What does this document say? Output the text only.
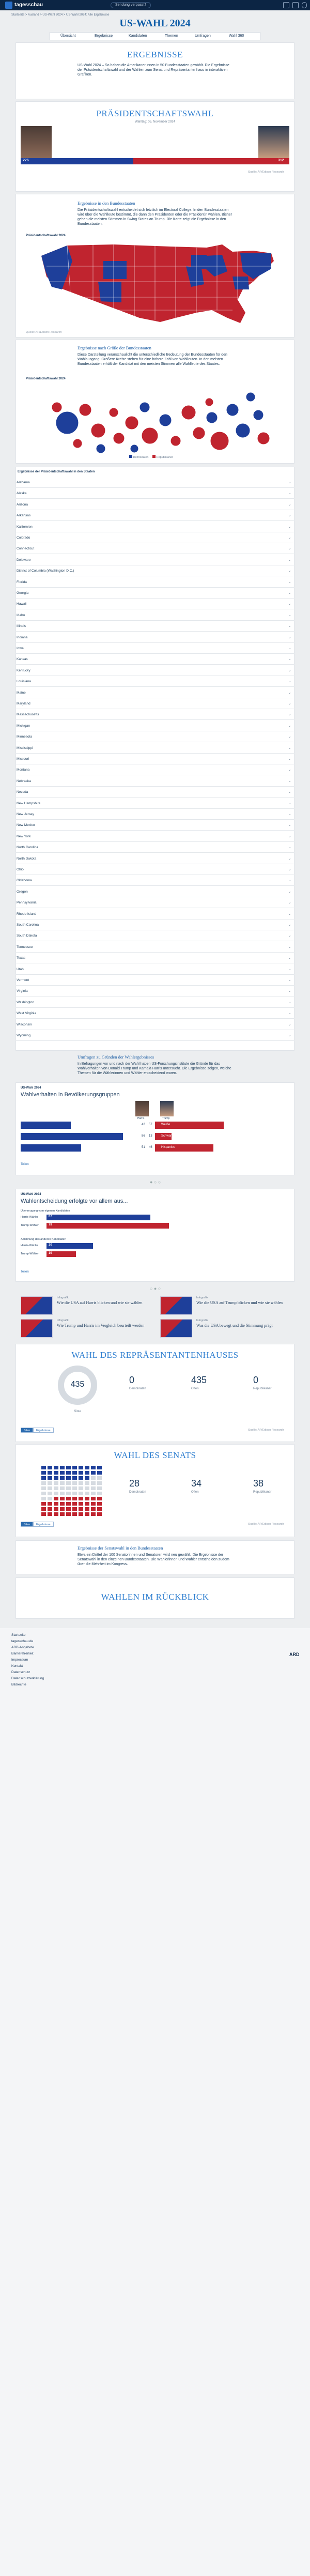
tagesschau	Sendung verpasst?
Startseite > Ausland > US-Wahl 2024 > US-Wahl 2024: Alle Ergebnisse
US-WAHL 2024
Übersicht	Ergebnisse	Kandidaten	Themen	Umfragen	Wahl 360
ERGEBNISSE
US-Wahl 2024 – So haben die Amerikaner:innen in 50 Bundesstaaten gewählt. Die Ergebnisse der Präsidentschaftswahl und der Wahlen zum Senat und Repräsentantenhaus in interaktiven Grafiken.
PRÄSIDENTSCHAFTSWAHL
Wahltag: 05. November 2024
226	312
Quelle: AP/Edison Research
Ergebnisse in den Bundesstaaten
Die Präsidentschaftswahl entscheidet sich letztlich im Electoral College. In den Bundesstaaten wird über die Wahlleute bestimmt, die dann den Präsidenten oder die Präsidentin wählen. Bisher gehen die meisten Stimmen in Swing States an Trump. Die Karte zeigt die Ergebnisse in den Bundesstaaten.
Präsidentschaftswahl 2024
Quelle: AP/Edison Research
Ergebnisse nach Größe der Bundesstaaten
Diese Darstellung veranschaulicht die unterschiedliche Bedeutung der Bundesstaaten für den Wahlausgang. Größere Kreise stehen für eine höhere Zahl von Wahlleuten. In den meisten Bundesstaaten erhält der Kandidat mit den meisten Stimmen alle Wahlleute des Staates.
Präsidentschaftswahl 2024
Demokraten	Republikaner
Ergebnisse der Präsidentschaftswahl in den Staaten
Alabama	⌄
Alaska	⌄
Arizona	⌄
Arkansas	⌄
Kalifornien	⌄
Colorado	⌄
Connecticut	⌄
Delaware	⌄
District of Columbia (Washington D.C.)	⌄
Florida	⌄
Georgia	⌄
Hawaii	⌄
Idaho	⌄
Illinois	⌄
Indiana	⌄
Iowa	⌄
Kansas	⌄
Kentucky	⌄
Louisiana	⌄
Maine	⌄
Maryland	⌄
Massachusetts	⌄
Michigan	⌄
Minnesota	⌄
Mississippi	⌄
Missouri	⌄
Montana	⌄
Nebraska	⌄
Nevada	⌄
New Hampshire	⌄
New Jersey	⌄
New Mexico	⌄
New York	⌄
North Carolina	⌄
North Dakota	⌄
Ohio	⌄
Oklahoma	⌄
Oregon	⌄
Pennsylvania	⌄
Rhode Island	⌄
South Carolina	⌄
South Dakota	⌄
Tennessee	⌄
Texas	⌄
Utah	⌄
Vermont	⌄
Virginia	⌄
Washington	⌄
West Virginia	⌄
Wisconsin	⌄
Wyoming	⌄
Umfragen zu Gründen der Wahlergebnisses
In Befragungen vor und nach der Wahl haben US-Forschungsinstitute die Gründe für das Wahlverhalten von Donald Trump und Kamala Harris untersucht. Die Ergebnisse zeigen, welche Themen für die Wählerinnen und Wähler entscheidend waren.
US-Wahl 2024
Wahlverhalten in Bevölkerungsgruppen
Harris	Trump
42 57	Weiße
Weiße
86 13	Schwarze
Schwarze
51 46	Hispanics
Latinos
Teilen
● ○ ○
US-Wahl 2024
Wahlentscheidung erfolgte vor allem aus...
Überzeugung vom eigenen Kandidaten
Ablehnung des anderen Kandidaten
Harris-Wähler	67
Trump-Wähler	79
Harris-Wähler	30
Trump-Wähler	19
Teilen
○ ● ○
Infografik
Wie die USA auf Harris blicken und wie sie wählen
Infografik
Wie die USA auf Trump blicken und wie sie wählen
Infografik
Wie Trump und Harris im Vergleich beurteilt werden
Infografik
Was die USA bewegt und die Stimmung prägt
WAHL DES REPRÄSENTANTENHAUSES
435
Sitze
0
Demokraten
435
Offen
0
Republikaner
Sitze	Ergebnisse	Quelle: AP/Edison Research
WAHL DES SENATS
28
Demokraten
34
Offen
38
Republikaner
Sitze	Ergebnisse	Quelle: AP/Edison Research
Ergebnisse der Senatswahl in den Bundesstaaten
Etwa ein Drittel der 100 Senatorinnen und Senatoren wird neu gewählt. Die Ergebnisse der Senatswahl in den einzelnen Bundesstaaten. Die Wählerinnen und Wähler entscheiden zudem über die Mehrheit im Kongress.
WAHLEN IM RÜCKBLICK
Startseite
tagesschau.de
ARD-Angebote
Barrierefreiheit
Impressum
Kontakt
Datenschutz
Datenschutzerklärung
Bildrechte
ARD
